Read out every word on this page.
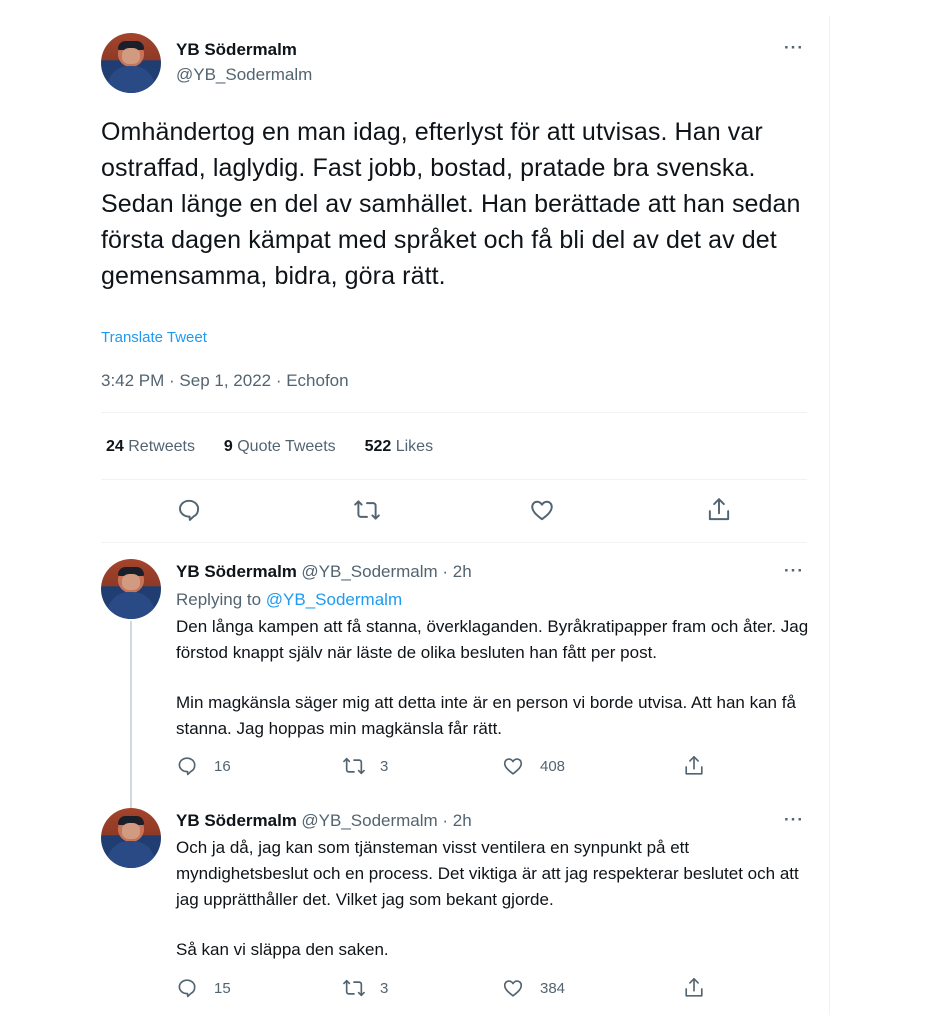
YB Södermalm
@YB_Sodermalm
···
Omhändertog en man idag, efterlyst för att utvisas. Han var ostraffad, laglydig. Fast jobb, bostad, pratade bra svenska. Sedan länge en del av samhället. Han berättade att han sedan första dagen kämpat med språket och få bli del av det av det gemensamma, bidra, göra rätt.
Translate Tweet
3:42 PM · Sep 1, 2022 · Echofon
24 Retweets 9 Quote Tweets 522 Likes
YB Södermalm @YB_Sodermalm · 2h	···
Replying to @YB_Sodermalm
Den långa kampen att få stanna, överklaganden. Byråkratipapper fram och åter. Jag förstod knappt själv när läste de olika besluten han fått per post.
Min magkänsla säger mig att detta inte är en person vi borde utvisa. Att han kan få stanna. Jag hoppas min magkänsla får rätt.
16	3	408
YB Södermalm @YB_Sodermalm · 2h	···
Och ja då, jag kan som tjänsteman visst ventilera en synpunkt på ett myndighetsbeslut och en process. Det viktiga är att jag respekterar beslutet och att jag upprätthåller det. Vilket jag som bekant gjorde.
Så kan vi släppa den saken.
15	3	384
